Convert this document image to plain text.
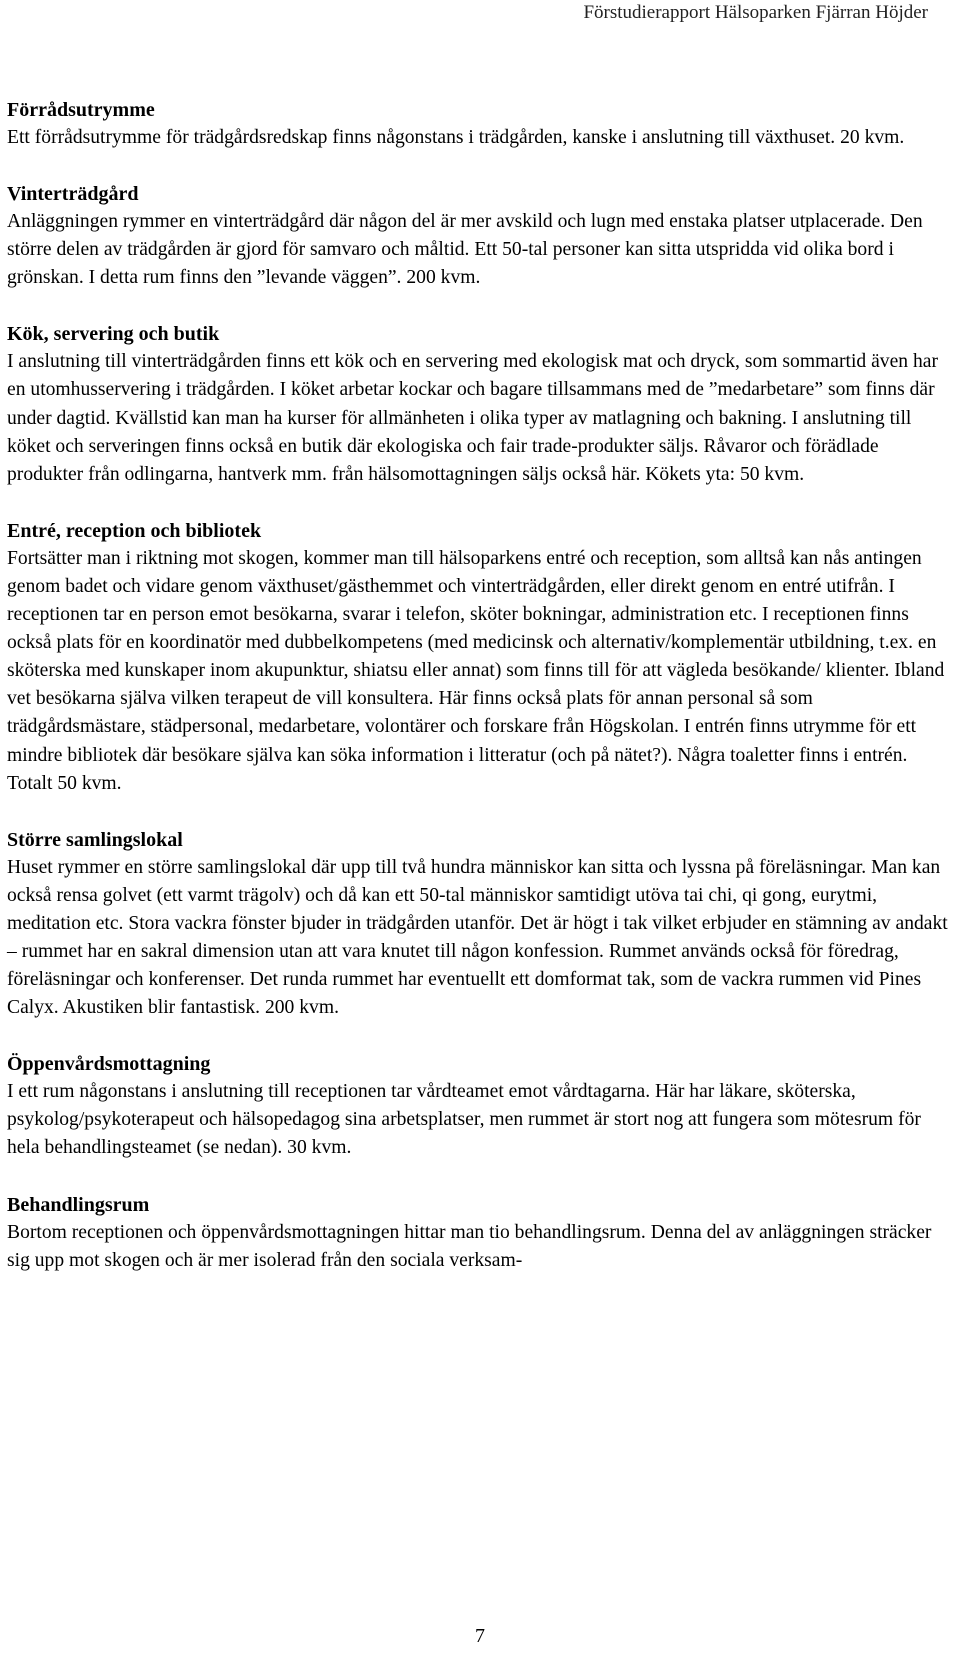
Förstudierapport Hälsoparken Fjärran Höjder

Förrådsutrymme

Ett förrådsutrymme för trädgårdsredskap finns någonstans i trädgården, kanske i anslutning till växthuset. 20 kvm.

Vinterträdgård

Anläggningen rymmer en vinterträdgård där någon del är mer avskild och lugn med enstaka platser utplacerade. Den större delen av trädgården är gjord för samvaro och måltid. Ett 50-tal personer kan sitta utspridda vid olika bord i grönskan. I detta rum finns den ”levande väggen”. 200 kvm.

Kök, servering och butik

I anslutning till vinterträdgården finns ett kök och en servering med ekologisk mat och dryck, som sommartid även har en utomhusservering i trädgården. I köket arbetar kockar och bagare tillsammans med de ”medarbetare” som finns där under dagtid. Kvällstid kan man ha kurser för allmänheten i olika typer av matlagning och bakning. I anslutning till köket och serveringen finns också en butik där ekologiska och fair trade-produkter säljs. Råvaror och förädlade produkter från odlingarna, hantverk mm. från hälsomottagningen säljs också här. Kökets yta: 50 kvm.

Entré, reception och bibliotek

Fortsätter man i riktning mot skogen, kommer man till hälsoparkens entré och reception, som alltså kan nås antingen genom badet och vidare genom växthuset/gästhemmet och vinterträdgården, eller direkt genom en entré utifrån. I receptionen tar en person emot besökarna, svarar i telefon, sköter bokningar, administration etc. I receptionen finns också plats för en koordinatör med dubbelkompetens (med medicinsk och alternativ/komplementär utbildning, t.ex. en sköterska med kunskaper inom akupunktur, shiatsu eller annat) som finns till för att vägleda besökande/ klienter. Ibland vet besökarna själva vilken terapeut de vill konsultera. Här finns också plats för annan personal så som trädgårdsmästare, städpersonal, medarbetare, volontärer och forskare från Högskolan. I entrén finns utrymme för ett mindre bibliotek där besökare själva kan söka information i litteratur (och på nätet?). Några toaletter finns i entrén. Totalt 50 kvm.

Större samlingslokal

Huset rymmer en större samlingslokal där upp till två hundra människor kan sitta och lyssna på föreläsningar. Man kan också rensa golvet (ett varmt trägolv) och då kan ett 50-tal människor samtidigt utöva tai chi, qi gong, eurytmi, meditation etc. Stora vackra fönster bjuder in trädgården utanför. Det är högt i tak vilket erbjuder en stämning av andakt – rummet har en sakral dimension utan att vara knutet till någon konfession. Rummet används också för föredrag, föreläsningar och konferenser. Det runda rummet har eventuellt ett domformat tak, som de vackra rummen vid Pines Calyx. Akustiken blir fantastisk. 200 kvm.

Öppenvårdsmottagning

I ett rum någonstans i anslutning till receptionen tar vårdteamet emot vårdtagarna. Här har läkare, sköterska, psykolog/psykoterapeut och hälsopedagog sina arbetsplatser, men rummet är stort nog att fungera som mötesrum för hela behandlingsteamet (se nedan). 30 kvm.

Behandlingsrum

Bortom receptionen och öppenvårdsmottagningen hittar man tio behandlingsrum. Denna del av anläggningen sträcker sig upp mot skogen och är mer isolerad från den sociala verksam-

7
